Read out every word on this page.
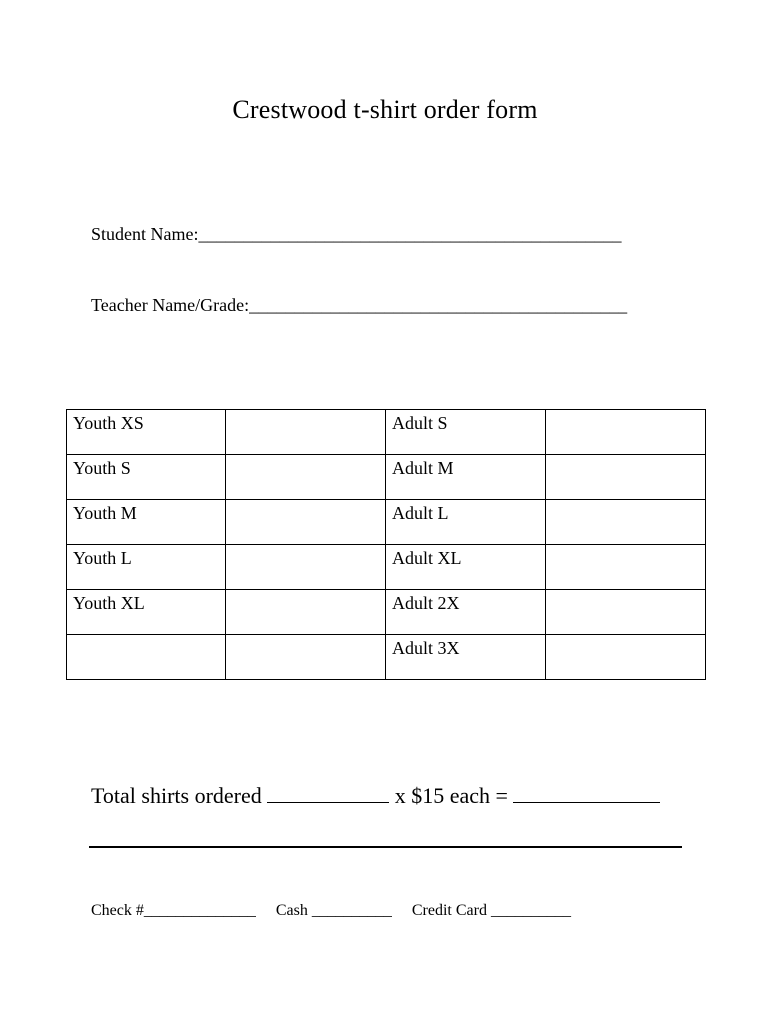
Crestwood t-shirt order form
Student Name:_______________________________________________
Teacher Name/Grade:__________________________________________
Youth XS		Adult S	
Youth S		Adult M	
Youth M		Adult L	
Youth L		Adult XL	
Youth XL		Adult 2X	
		Adult 3X	
Total shirts ordered	x $15 each =
Check #______________ Cash __________ Credit Card __________
